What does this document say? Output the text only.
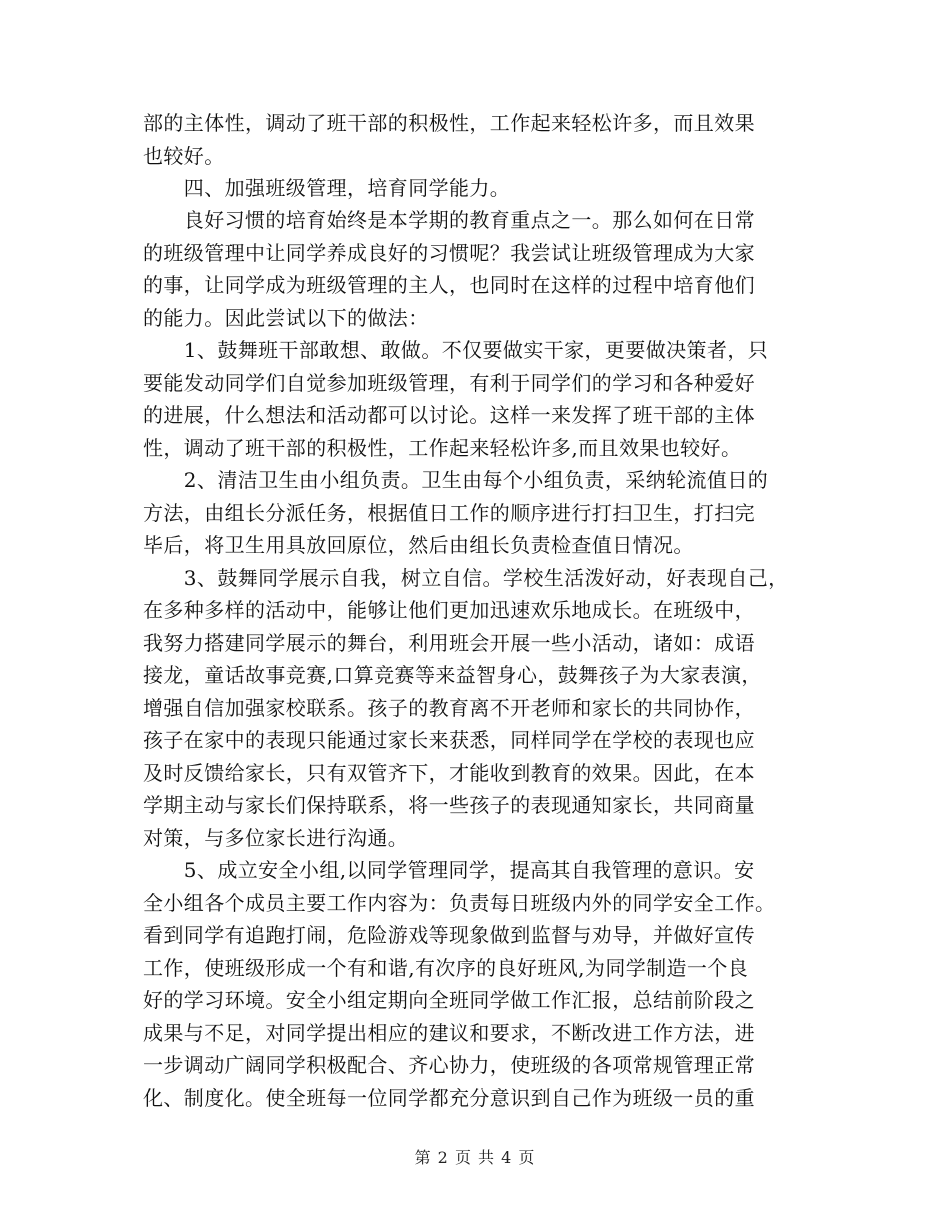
部的主体性，调动了班干部的积极性，工作起来轻松许多，而且效果

也较好。

　　四、加强班级管理，培育同学能力。

　　良好习惯的培育始终是本学期的教育重点之一。那么如何在日常

的班级管理中让同学养成良好的习惯呢？我尝试让班级管理成为大家

的事，让同学成为班级管理的主人，也同时在这样的过程中培育他们

的能力。因此尝试以下的做法：

　　1、鼓舞班干部敢想、敢做。不仅要做实干家，更要做决策者，只

要能发动同学们自觉参加班级管理，有利于同学们的学习和各种爱好

的进展，什么想法和活动都可以讨论。这样一来发挥了班干部的主体

性，调动了班干部的积极性，工作起来轻松许多,而且效果也较好。

　　2、清洁卫生由小组负责。卫生由每个小组负责，采纳轮流值日的

方法，由组长分派任务，根据值日工作的顺序进行打扫卫生，打扫完

毕后，将卫生用具放回原位，然后由组长负责检查值日情况。

　　3、鼓舞同学展示自我，树立自信。学校生活泼好动，好表现自己，

在多种多样的活动中，能够让他们更加迅速欢乐地成长。在班级中，

我努力搭建同学展示的舞台，利用班会开展一些小活动，诸如：成语

接龙，童话故事竞赛,口算竞赛等来益智身心，鼓舞孩子为大家表演，

增强自信加强家校联系。孩子的教育离不开老师和家长的共同协作，

孩子在家中的表现只能通过家长来获悉，同样同学在学校的表现也应

及时反馈给家长，只有双管齐下，才能收到教育的效果。因此，在本

学期主动与家长们保持联系，将一些孩子的表现通知家长，共同商量

对策，与多位家长进行沟通。

　　5、成立安全小组,以同学管理同学，提高其自我管理的意识。安

全小组各个成员主要工作内容为：负责每日班级内外的同学安全工作。

看到同学有追跑打闹，危险游戏等现象做到监督与劝导，并做好宣传

工作，使班级形成一个有和谐,有次序的良好班风,为同学制造一个良

好的学习环境。安全小组定期向全班同学做工作汇报，总结前阶段之

成果与不足，对同学提出相应的建议和要求，不断改进工作方法，进

一步调动广阔同学积极配合、齐心协力，使班级的各项常规管理正常

化、制度化。使全班每一位同学都充分意识到自己作为班级一员的重

第 2 页 共 4 页
